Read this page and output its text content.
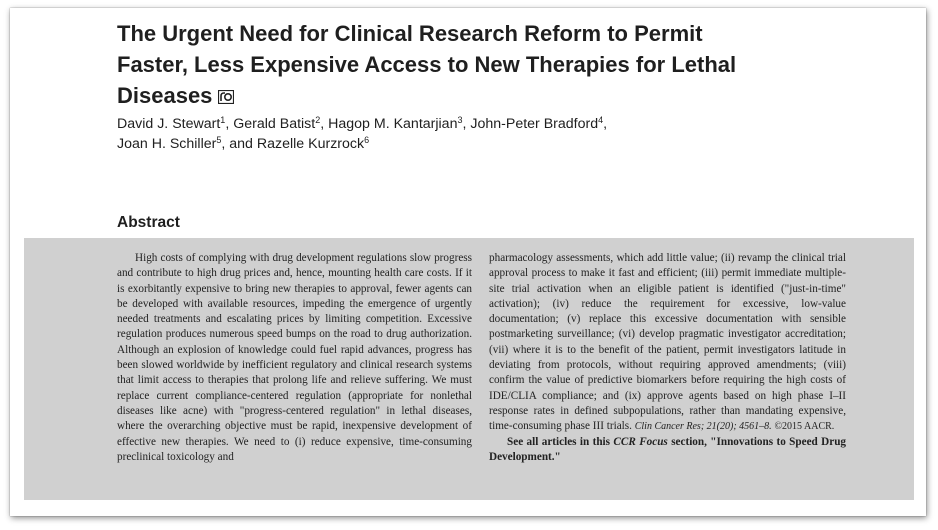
The Urgent Need for Clinical Research Reform to Permit Faster, Less Expensive Access to New Therapies for Lethal Diseases
David J. Stewart$^1$, Gerald Batist$^2$, Hagop M. Kantarjian$^3$, John-Peter Bradford$^4$,
Joan H. Schiller$^5$, and Razelle Kurzrock$^6$
Abstract

High costs of complying with drug development regulations slow progress and contribute to high drug prices and, hence, mounting health care costs. If it is exorbitantly expensive to bring new therapies to approval, fewer agents can be developed with available resources, impeding the emergence of urgently needed treatments and escalating prices by limiting competition. Excessive regulation produces numerous speed bumps on the road to drug authorization. Although an explosion of knowledge could fuel rapid advances, progress has been slowed worldwide by inefficient regulatory and clinical research systems that limit access to therapies that prolong life and relieve suffering. We must replace current compliance-centered regulation (appropriate for nonlethal diseases like acne) with "progress-centered regulation" in lethal diseases, where the overarching objective must be rapid, inexpensive development of effective new therapies. We need to (i) reduce expensive, time-consuming preclinical toxicology and

pharmacology assessments, which add little value; (ii) revamp the clinical trial approval process to make it fast and efficient; (iii) permit immediate multiple-site trial activation when an eligible patient is identified ("just-in-time" activation); (iv) reduce the requirement for excessive, low-value documentation; (v) replace this excessive documentation with sensible postmarketing surveillance; (vi) develop pragmatic investigator accreditation; (vii) where it is to the benefit of the patient, permit investigators latitude in deviating from protocols, without requiring approved amendments; (viii) confirm the value of predictive biomarkers before requiring the high costs of IDE/CLIA compliance; and (ix) approve agents based on high phase I–II response rates in defined subpopulations, rather than mandating expensive, time-consuming phase III trials. Clin Cancer Res; 21(20); 4561–8. ©2015 AACR.

See all articles in this CCR Focus section, "Innovations to Speed Drug Development."
